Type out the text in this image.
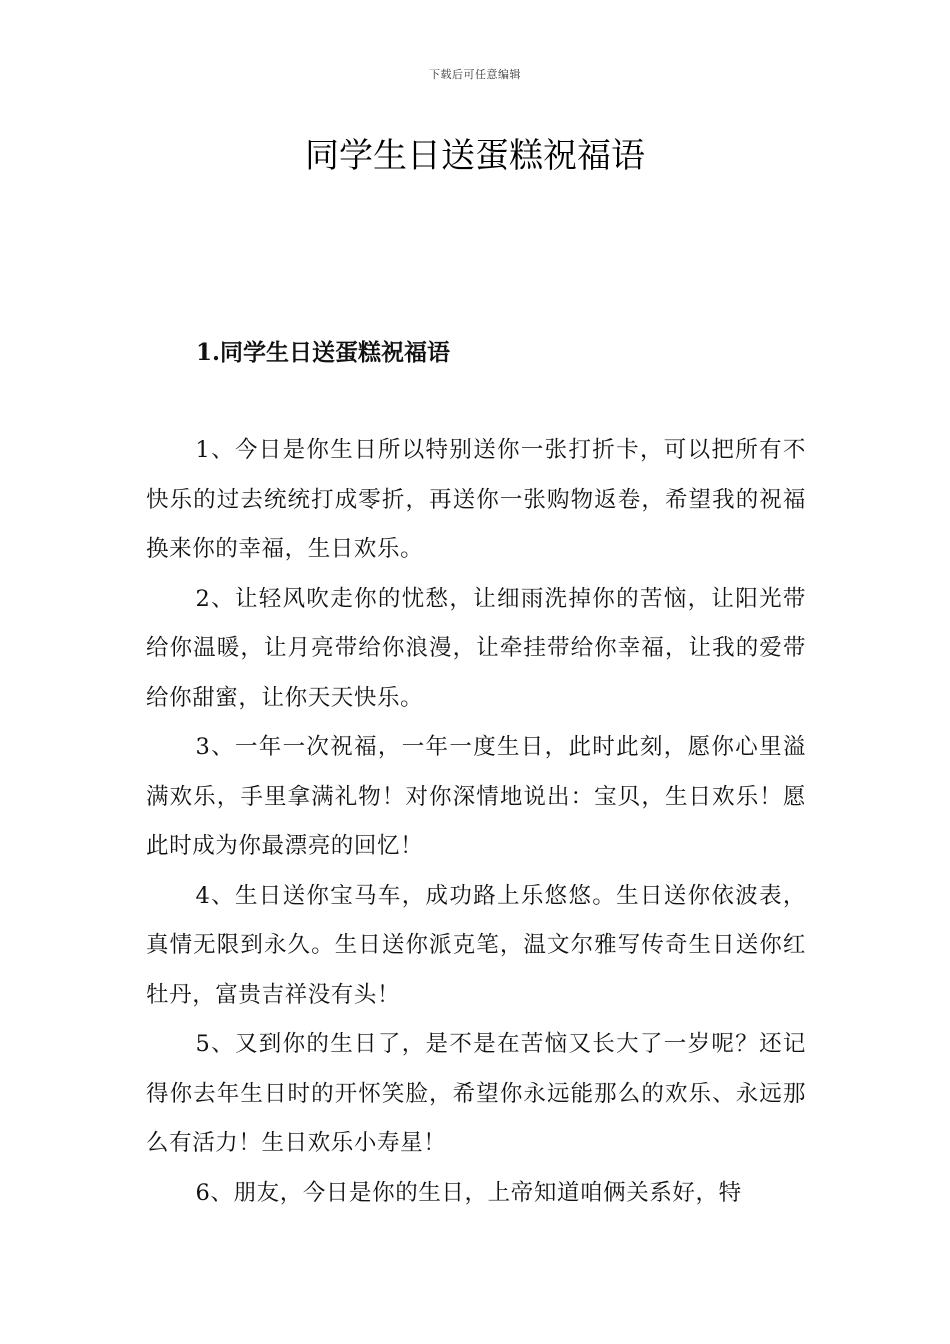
下载后可任意编辑
同学生日送蛋糕祝福语
1.同学生日送蛋糕祝福语

1、今日是你生日所以特别送你一张打折卡，可以把所有不快乐的过去统统打成零折，再送你一张购物返卷，希望我的祝福换来你的幸福，生日欢乐。

2、让轻风吹走你的忧愁，让细雨洗掉你的苦恼，让阳光带给你温暖，让月亮带给你浪漫，让牵挂带给你幸福，让我的爱带给你甜蜜，让你天天快乐。

3、一年一次祝福，一年一度生日，此时此刻，愿你心里溢满欢乐，手里拿满礼物！对你深情地说出：宝贝，生日欢乐！愿此时成为你最漂亮的回忆！

4、生日送你宝马车，成功路上乐悠悠。生日送你依波表，真情无限到永久。生日送你派克笔，温文尔雅写传奇生日送你红牡丹，富贵吉祥没有头！

5、又到你的生日了，是不是在苦恼又长大了一岁呢？还记得你去年生日时的开怀笑脸，希望你永远能那么的欢乐、永远那么有活力！生日欢乐小寿星！

6、朋友，今日是你的生日，上帝知道咱俩关系好，特
